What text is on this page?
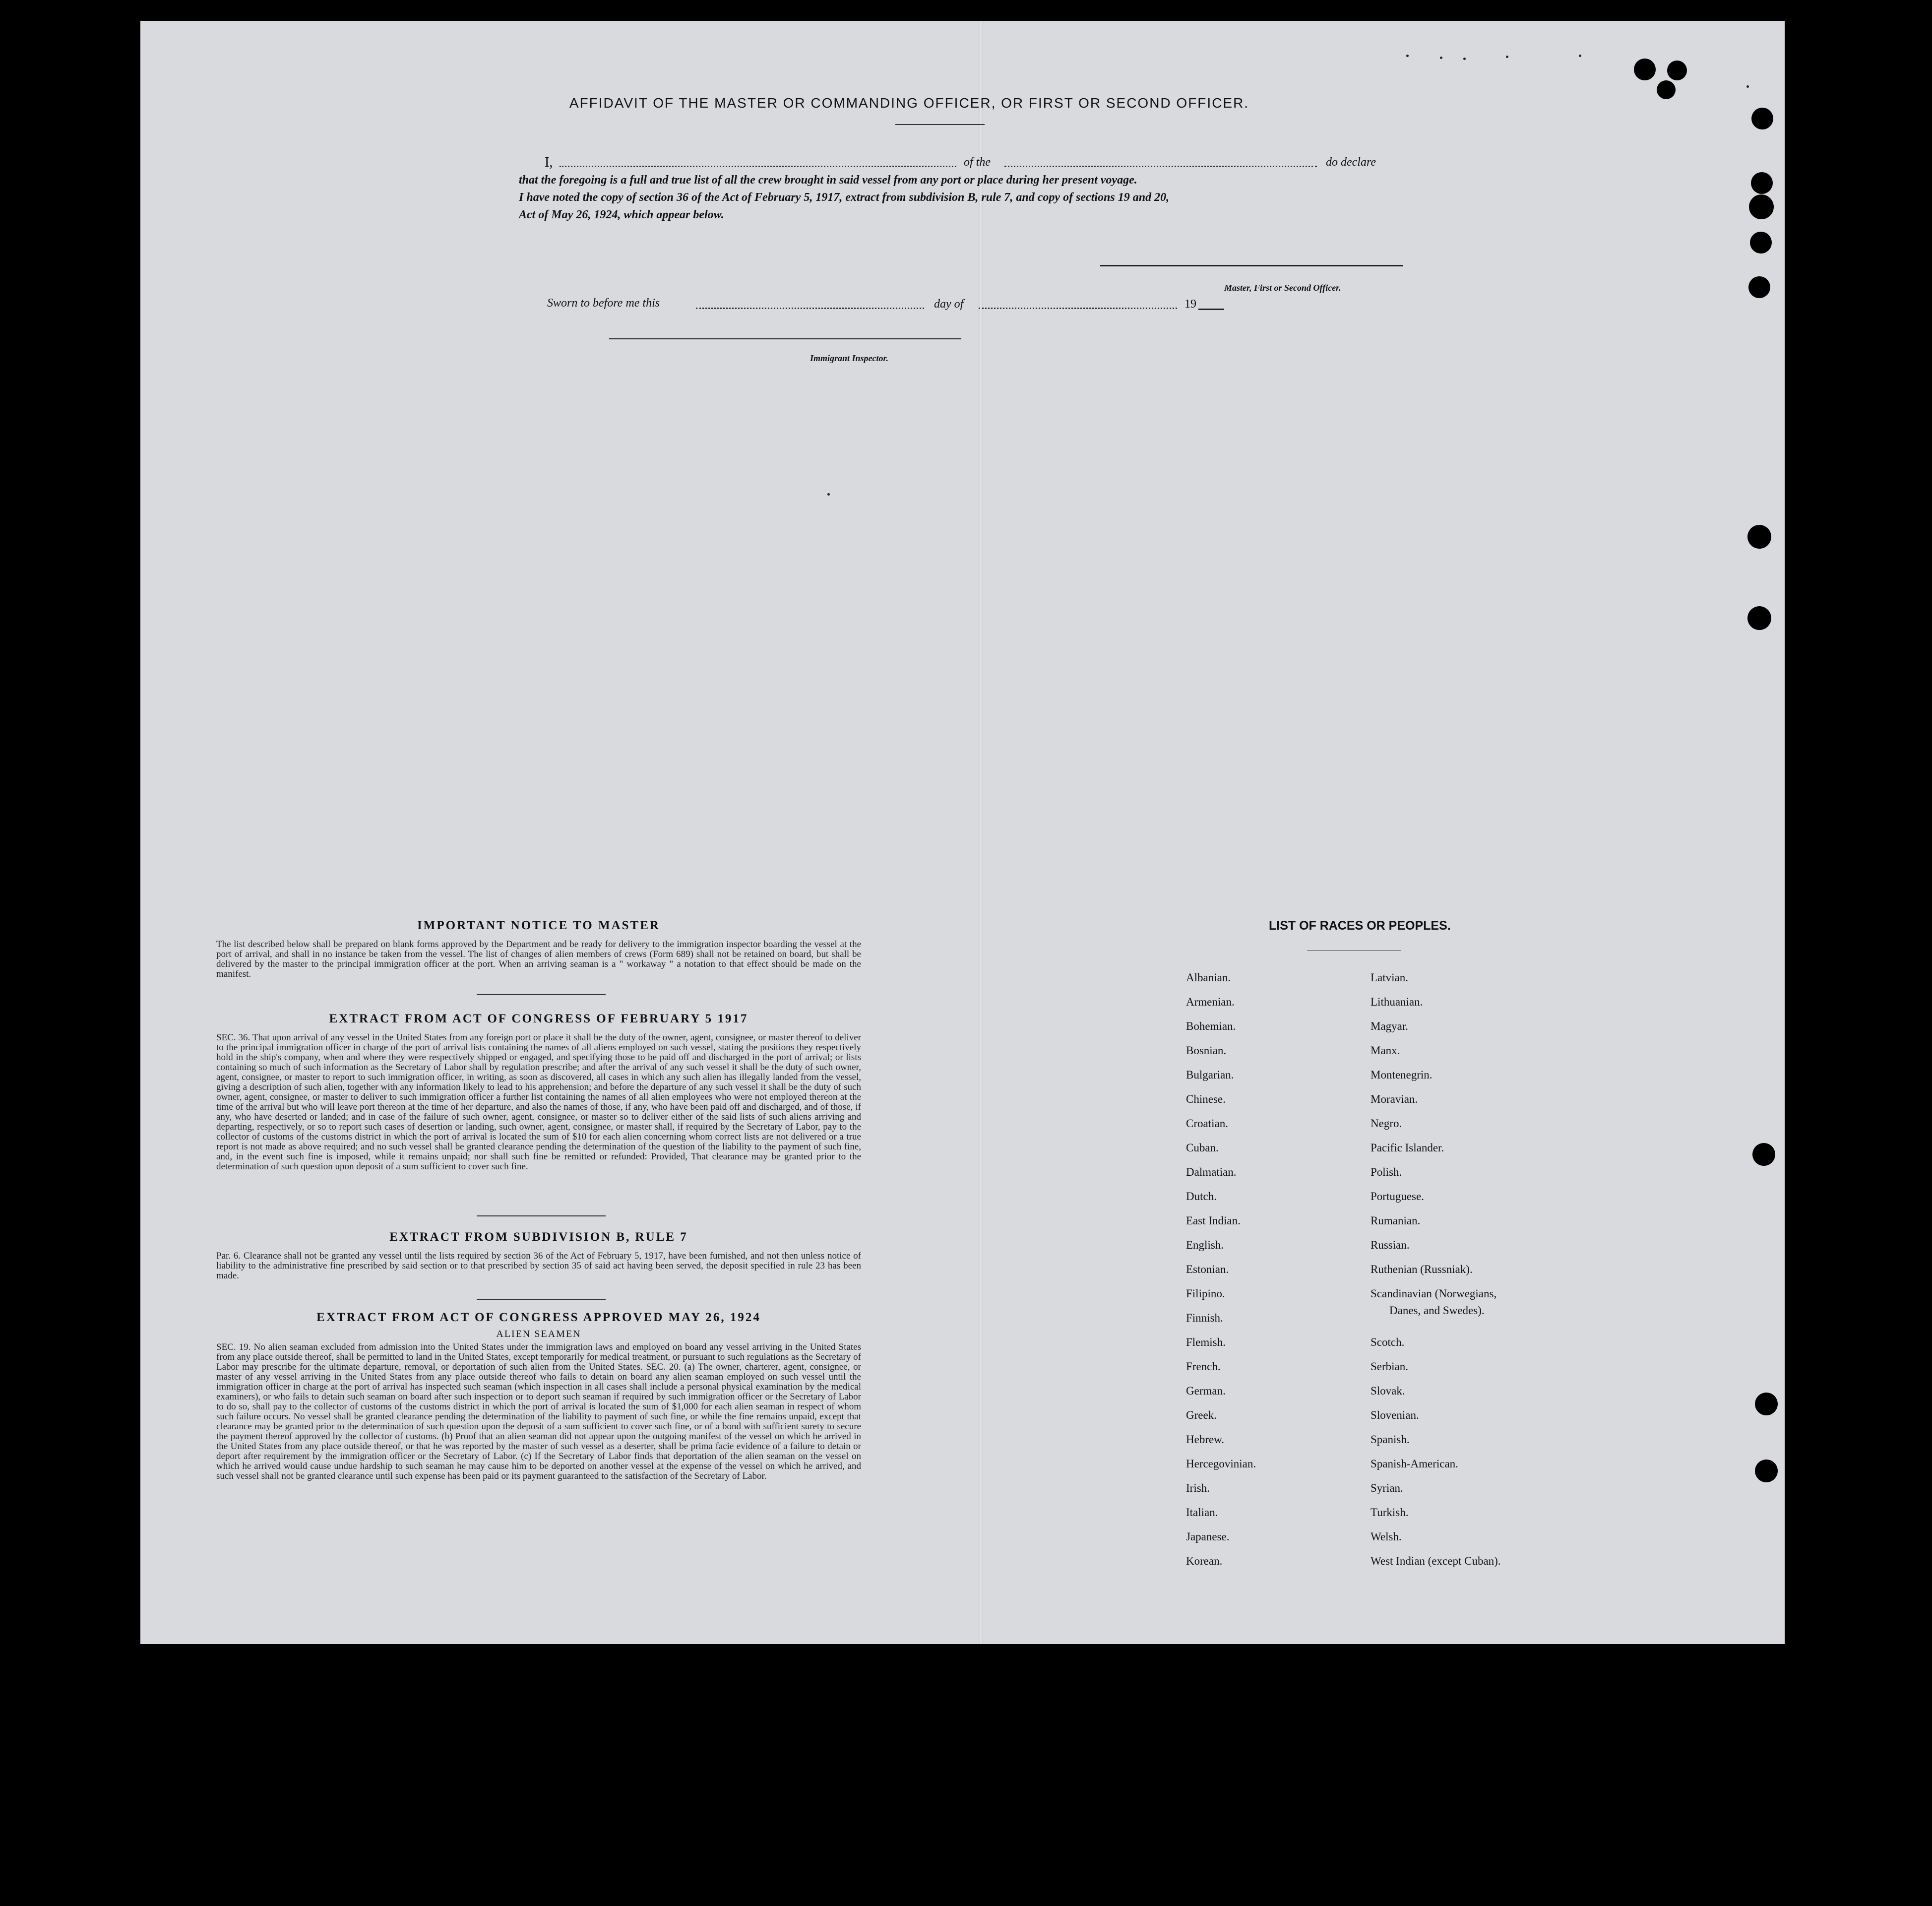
AFFIDAVIT OF THE MASTER OR COMMANDING OFFICER, OR FIRST OR SECOND OFFICER.
I,	of the	do declare
that the foregoing is a full and true list of all the crew brought in said vessel from any port or place during her present voyage.
I have noted the copy of section 36 of the Act of February 5, 1917, extract from subdivision B, rule 7, and copy of sections 19 and 20,
Act of May 26, 1924, which appear below.
Master, First or Second Officer.
Sworn to before me this	day of	19
Immigrant Inspector.
IMPORTANT NOTICE TO MASTER
The list described below shall be prepared on blank forms approved by the Department and be ready for delivery to the immigration inspector boarding the vessel at the port of arrival, and shall in no instance be taken from the vessel. The list of changes of alien members of crews (Form 689) shall not be retained on board, but shall be delivered by the master to the principal immigration officer at the port. When an arriving seaman is a " workaway " a notation to that effect should be made on the manifest.
EXTRACT FROM ACT OF CONGRESS OF FEBRUARY 5 1917
SEC. 36. That upon arrival of any vessel in the United States from any foreign port or place it shall be the duty of the owner, agent, consignee, or master thereof to deliver to the principal immigration officer in charge of the port of arrival lists containing the names of all aliens employed on such vessel, stating the positions they respectively hold in the ship's company, when and where they were respectively shipped or engaged, and specifying those to be paid off and discharged in the port of arrival; or lists containing so much of such information as the Secretary of Labor shall by regulation prescribe; and after the arrival of any such vessel it shall be the duty of such owner, agent, consignee, or master to report to such immigration officer, in writing, as soon as discovered, all cases in which any such alien has illegally landed from the vessel, giving a description of such alien, together with any information likely to lead to his apprehension; and before the departure of any such vessel it shall be the duty of such owner, agent, consignee, or master to deliver to such immigration officer a further list containing the names of all alien employees who were not employed thereon at the time of the arrival but who will leave port thereon at the time of her departure, and also the names of those, if any, who have been paid off and discharged, and of those, if any, who have deserted or landed; and in case of the failure of such owner, agent, consignee, or master so to deliver either of the said lists of such aliens arriving and departing, respectively, or so to report such cases of desertion or landing, such owner, agent, consignee, or master shall, if required by the Secretary of Labor, pay to the collector of customs of the customs district in which the port of arrival is located the sum of $10 for each alien concerning whom correct lists are not delivered or a true report is not made as above required; and no such vessel shall be granted clearance pending the determination of the question of the liability to the payment of such fine, and, in the event such fine is imposed, while it remains unpaid; nor shall such fine be remitted or refunded: Provided, That clearance may be granted prior to the determination of such question upon deposit of a sum sufficient to cover such fine.
EXTRACT FROM SUBDIVISION B, RULE 7
Par. 6. Clearance shall not be granted any vessel until the lists required by section 36 of the Act of February 5, 1917, have been furnished, and not then unless notice of liability to the administrative fine prescribed by said section or to that prescribed by section 35 of said act having been served, the deposit specified in rule 23 has been made.
EXTRACT FROM ACT OF CONGRESS APPROVED MAY 26, 1924
ALIEN SEAMEN
SEC. 19. No alien seaman excluded from admission into the United States under the immigration laws and employed on board any vessel arriving in the United States from any place outside thereof, shall be permitted to land in the United States, except temporarily for medical treatment, or pursuant to such regulations as the Secretary of Labor may prescribe for the ultimate departure, removal, or deportation of such alien from the United States. SEC. 20. (a) The owner, charterer, agent, consignee, or master of any vessel arriving in the United States from any place outside thereof who fails to detain on board any alien seaman employed on such vessel until the immigration officer in charge at the port of arrival has inspected such seaman (which inspection in all cases shall include a personal physical examination by the medical examiners), or who fails to detain such seaman on board after such inspection or to deport such seaman if required by such immigration officer or the Secretary of Labor to do so, shall pay to the collector of customs of the customs district in which the port of arrival is located the sum of $1,000 for each alien seaman in respect of whom such failure occurs. No vessel shall be granted clearance pending the determination of the liability to payment of such fine, or while the fine remains unpaid, except that clearance may be granted prior to the determination of such question upon the deposit of a sum sufficient to cover such fine, or of a bond with sufficient surety to secure the payment thereof approved by the collector of customs. (b) Proof that an alien seaman did not appear upon the outgoing manifest of the vessel on which he arrived in the United States from any place outside thereof, or that he was reported by the master of such vessel as a deserter, shall be prima facie evidence of a failure to detain or deport after requirement by the immigration officer or the Secretary of Labor. (c) If the Secretary of Labor finds that deportation of the alien seaman on the vessel on which he arrived would cause undue hardship to such seaman he may cause him to be deported on another vessel at the expense of the vessel on which he arrived, and such vessel shall not be granted clearance until such expense has been paid or its payment guaranteed to the satisfaction of the Secretary of Labor.
LIST OF RACES OR PEOPLES.
Danes, and Swedes).
Albanian.
Armenian.
Bohemian.
Bosnian.
Bulgarian.
Chinese.
Croatian.
Cuban.
Dalmatian.
Dutch.
East Indian.
English.
Estonian.
Filipino.
Finnish.
Flemish.
French.
German.
Greek.
Hebrew.
Hercegovinian.
Irish.
Italian.
Japanese.
Korean.
Latvian.
Lithuanian.
Magyar.
Manx.
Montenegrin.
Moravian.
Negro.
Pacific Islander.
Polish.
Portuguese.
Rumanian.
Russian.
Ruthenian (Russniak).
Scandinavian (Norwegians,
Scotch.
Serbian.
Slovak.
Slovenian.
Spanish.
Spanish-American.
Syrian.
Turkish.
Welsh.
West Indian (except Cuban).
